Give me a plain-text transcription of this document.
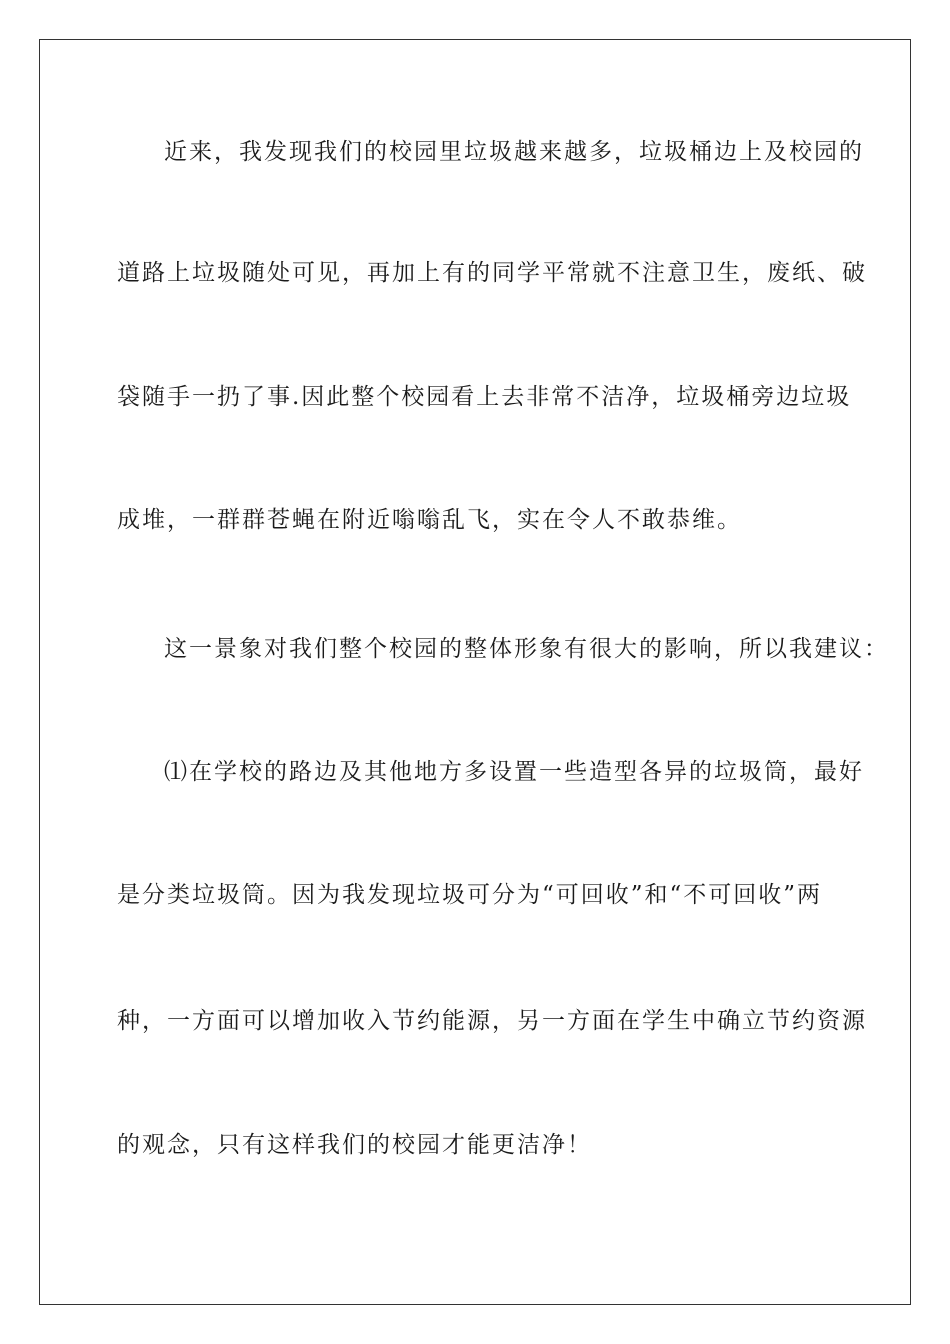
近来，我发现我们的校园里垃圾越来越多，垃圾桶边上及校园的

道路上垃圾随处可见，再加上有的同学平常就不注意卫生，废纸、破

袋随手一扔了事.因此整个校园看上去非常不洁净，垃圾桶旁边垃圾

成堆，一群群苍蝇在附近嗡嗡乱飞，实在令人不敢恭维。

这一景象对我们整个校园的整体形象有很大的影响，所以我建议：

⑴在学校的路边及其他地方多设置一些造型各异的垃圾筒，最好

是分类垃圾筒。因为我发现垃圾可分为“可回收”和“不可回收”两

种，一方面可以增加收入节约能源，另一方面在学生中确立节约资源

的观念，只有这样我们的校园才能更洁净！
